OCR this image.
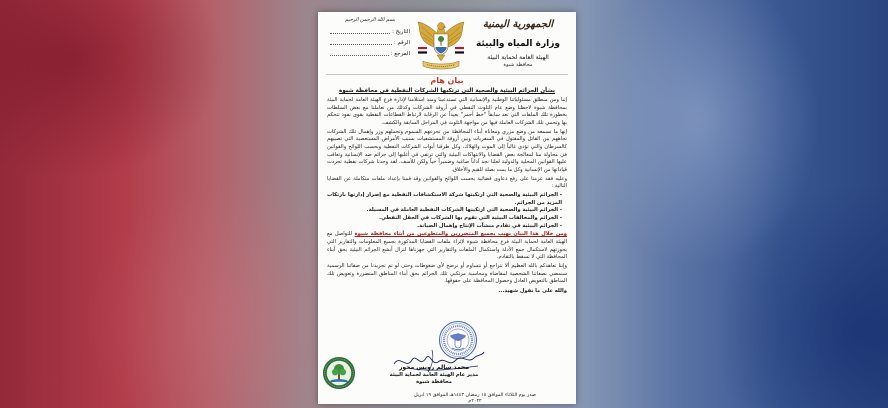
الجمهورية اليمنية
وزارة المياه والبيئة
الهيئة العامة لحماية البيئة
محافظة شبوة
بسم الله الرحمن الرحيم
التاريخ :
الرقم :
المرجع :
بيان هام
بشأن الجرائم البيئية والصحية التي ترتكبها الشركات النفطية في محافظة شبوة

إننا ومن منطلق مسئولياتنا الوطنية والإنسانية التي تستدعينا ومنذ استلامنا لإدارة فرع الهيئة العامة لحماية البيئة بمحافظة شبوة لاحظنا وضع عام التلوث النفطي في أروقة الشركات وكذلك من تعاملنا مع بعض السلطات بخطورة تلك الملفات التي تعد سابقاً "خط أحمر" بعيداً عن الرقابة لارتباط القطاعات النفطية بقوى نفوذ تتحكم بها وتحمي تلك الشركات العاملة فيها من مواجهة التلوث في المراحل السابقة والكشف.

إنها ما نسمعه من وضع مزري ومعاناة أبناء المحافظة من تجرعهم السموم وتحملهم وزر وإهمال تلك الشركات تجاههم بين القاتل والمقتول في السفريات وبين أروقة المستشفيات بسبب الأمراض المستعصية التي تصيبهم كالسرطان والتي تؤدي غالباً إلى الموت والهلاك، وكل طرقنا أبواب الشركات النفطية وبحسب اللوائح والقوانين في محاولة منا لمعالجة بعض القضايا والانتهاكات البيئية والتي ترتقي في أغلبها إلى جرائم ضد الإنسانية وتعاقب عليها القوانين المحلية والدولية لعلنا نجد آذاناً صاغية وضميراً حياً ولكن للأسف، لقد وجدنا شركات نفطية تجردت قياداتها من الإنسانية وكل ما يمت بصلة للقيم والأخلاق.

وعليه فقد عزمنا على رفع دعاوى قضائية بحسب اللوائح والقوانين وقد قمنا بإعداد ملفات متكاملة عن القضايا التالية :

- الجرائم البيئية والصحية التي ارتكبتها شركة الاستكشافات النفطية مع إصرار إدارتها بارتكاب المزيد من الجرائم.
- الجرائم البيئية والصحية التي ارتكبتها الشركات النفطية العاملة في المسيلة.
- الجرائم والمخالفات البيئية التي تقوم بها الشركات في الحقل النفطي.
- الجرائم البيئية في تقادم منشآت الإنتاج وإهمال الصيانة.

ومن خلال هذا البيان نهيب بجميع المتضررين والمتطوعين من أبناء محافظة شبوة للتواصل مع الهيئة العامة لحماية البيئة فرع محافظة شبوة لإثراء ملفات القضايا المذكورة بجميع المعلومات والتقارير التي بحوزتهم لاستكمال جمع الأدلة واستكمال الملفات والتقارير التي جهزناها لنزال أبشع الجرائم البيئية بحق أبناء المحافظة التي لا تسقط بالتقادم.

وإننا نعاهدكم بالله العظيم ألا نتراجع أو نتساوم أو نرضخ لأي ضغوطات وحتى لو تم تجريدنا من صفاتنا الرسمية سنمضي بصفاتنا الشخصية لمقاضاة ومحاسبة مرتكبي تلك الجرائم بحق أبناء المناطق المتضررة وتعويض تلك المناطق بالتعويض العادل وحصول المحافظة على حقوقها.

والله على ما نقول شهيد...

محمد سالم رويس محور
مدير عام الهيئة العامة لحماية البيئة
محافظة شبوة
صدر يوم الثلاثاء الموافق ١٨ رمضان ١٤٤٣هـ الموافق ١٩ ابريل ٢٠٢٢م
